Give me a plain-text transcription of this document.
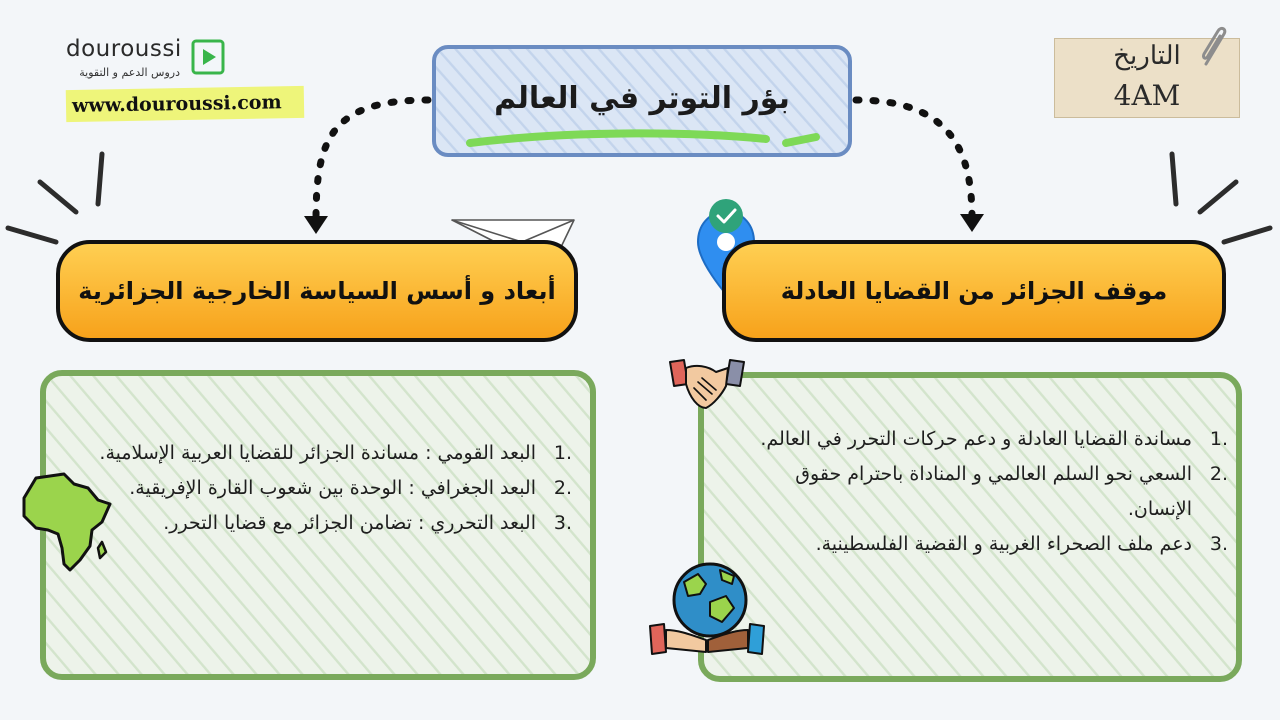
douroussi
دروس الدعم و التقوية
www.douroussi.com	بؤر التوتر في العالم
التاريخ
4AM
أبعاد و أسس السياسة الخارجية الجزائرية	موقف الجزائر من القضايا العادلة
.1
البعد القومي : مساندة الجزائر للقضايا العربية الإسلامية.
.2
البعد الجغرافي : الوحدة بين شعوب القارة الإفريقية.
.3
البعد التحرري : تضامن الجزائر مع قضايا التحرر.
.1
مساندة القضايا العادلة و دعم حركات التحرر في العالم.
.2
السعي نحو السلم العالمي و المناداة باحترام حقوق الإنسان.
.3
دعم ملف الصحراء الغربية و القضية الفلسطينية.
